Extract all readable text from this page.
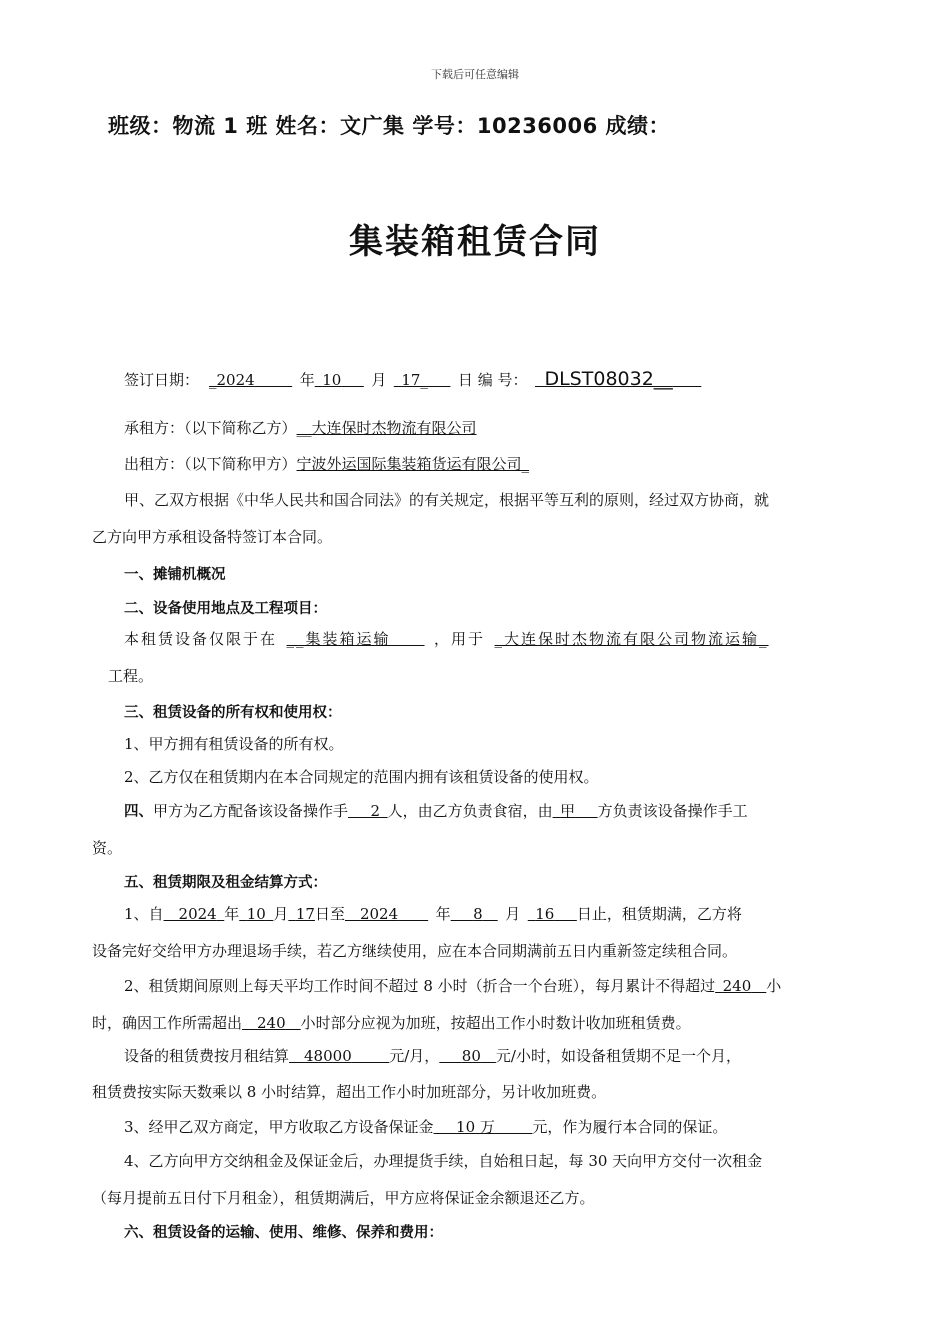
下载后可任意编辑
班级：物流 1 班 姓名：文广集 学号：10236006 成绩：
集装箱租赁合同
签订日期： _2024    	年  10    月   17_    日 编 号：   DLST08032__  
承租方：（以下简称乙方）__大连保时杰物流有限公司
出租方：（以下简称甲方）宁波外运国际集装箱货运有限公司_
甲、乙双方根据《中华人民共和国合同法》的有关规定，根据平等互利的原则，经过双方协商，就
乙方向甲方承租设备特签订本合同。
一、摊铺机概况
二、设备使用地点及工程项目：
本租赁设备仅限于在  __集装箱运输   	，用于  _大连保时杰物流有限公司物流运输_
工程。
三、租赁设备的所有权和使用权：
1、甲方拥有租赁设备的所有权。
2、乙方仅在租赁期内在本合同规定的范围内拥有该租赁设备的使用权。
四、甲方为乙方配备该设备操作手   2  人，由乙方负责食宿，由  甲   方负责该设备操作手工
资。
五、租赁期限及租金结算方式：
1、自   2024  年  10  月  17日至   2024   	年   8   月   16   日止，租赁期满，乙方将
设备完好交给甲方办理退场手续，若乙方继续使用，应在本合同期满前五日内重新签定续租合同。
2、租赁期间原则上每天平均工作时间不超过 8 小时（折合一个台班），每月累计不得超过  240   小
时，确因工作所需超出   240   小时部分应视为加班，按超出工作小时数计收加班租赁费。
设备的租赁费按月租结算  48000   	元/月，   80  元/小时，如设备租赁期不足一个月，
租赁费按实际天数乘以 8 小时结算，超出工作小时加班部分，另计收加班费。
3、经甲乙双方商定，甲方收取乙方设备保证金   10 万   	元，作为履行本合同的保证。
4、乙方向甲方交纳租金及保证金后，办理提货手续，自始租日起，每 30 天向甲方交付一次租金
（每月提前五日付下月租金），租赁期满后，甲方应将保证金余额退还乙方。
六、租赁设备的运输、使用、维修、保养和费用：
